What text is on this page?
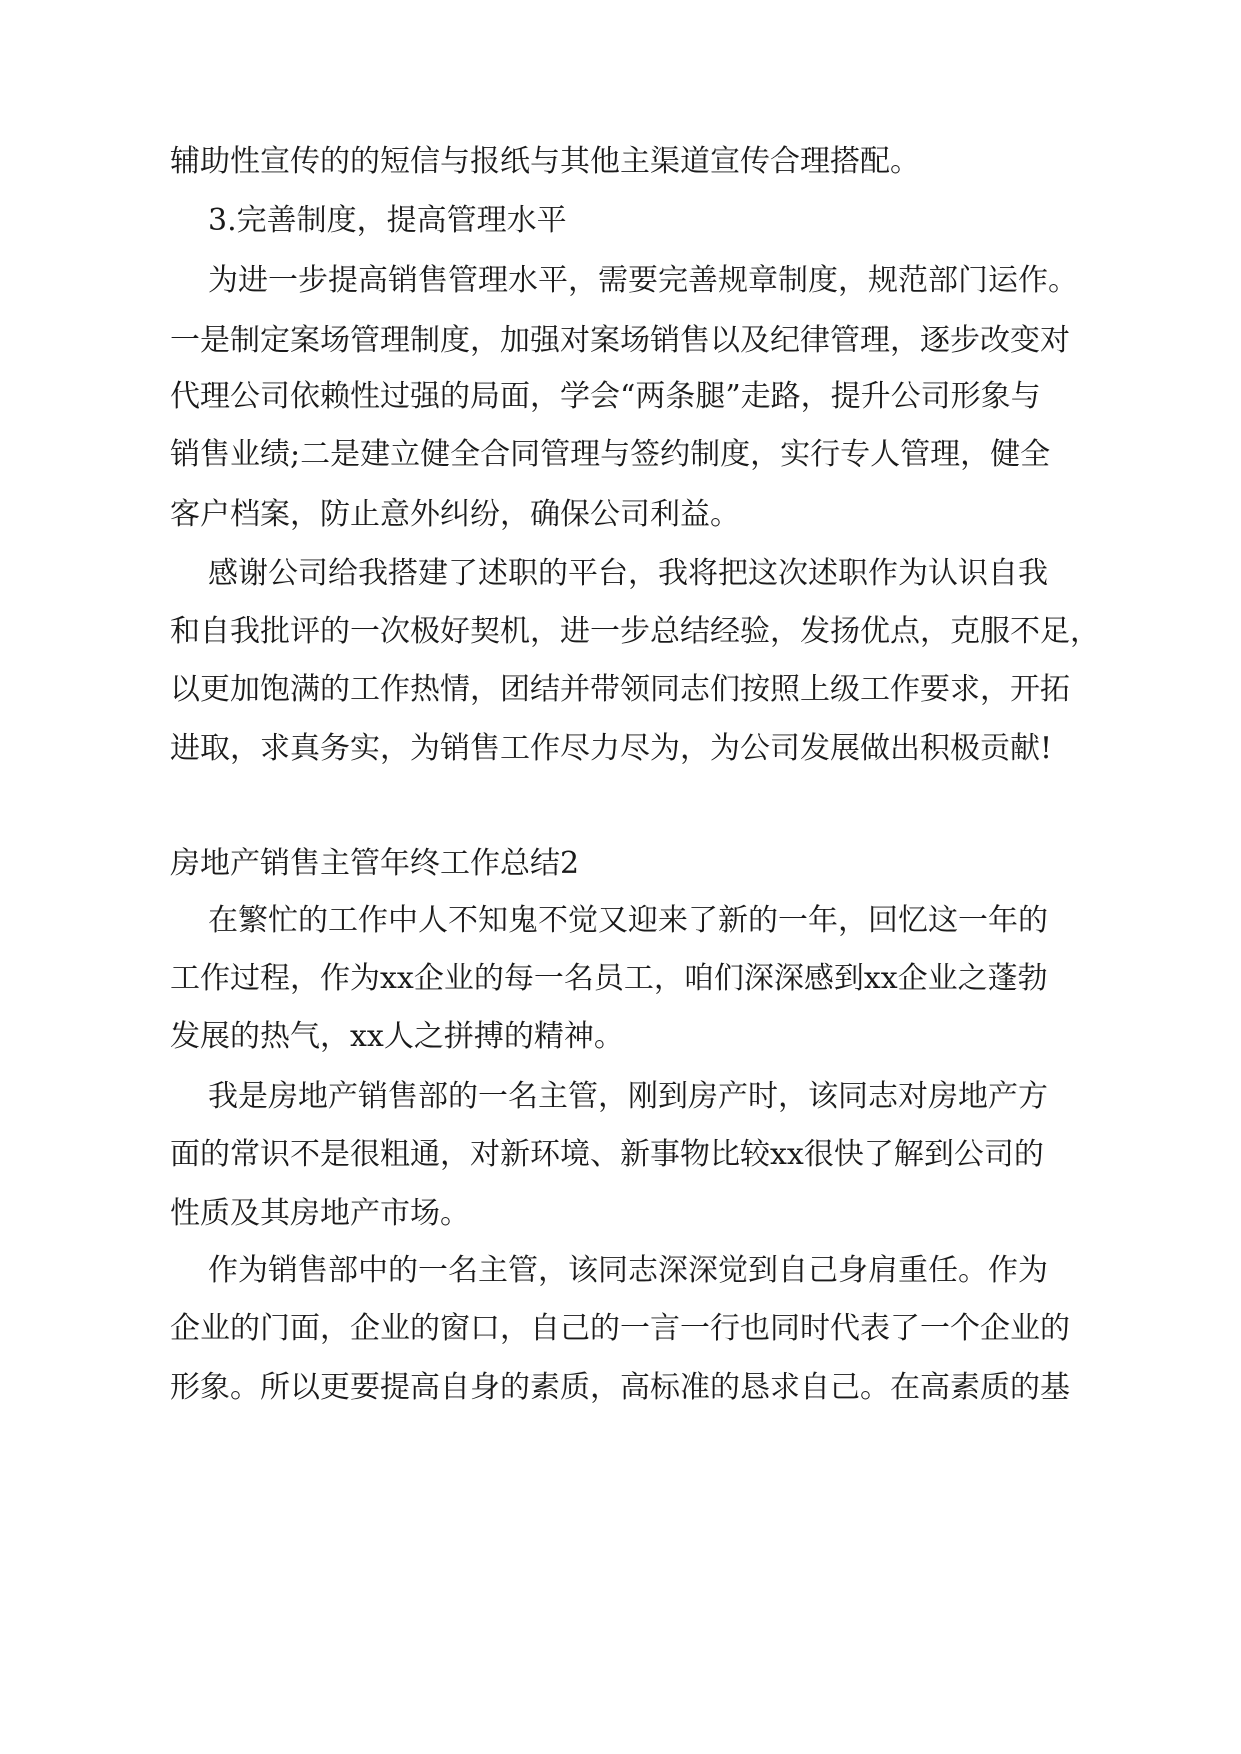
辅助性宣传的的短信与报纸与其他主渠道宣传合理搭配。
3.完善制度，提高管理水平
为进一步提高销售管理水平，需要完善规章制度，规范部门运作。
一是制定案场管理制度，加强对案场销售以及纪律管理，逐步改变对
代理公司依赖性过强的局面，学会“两条腿”走路，提升公司形象与
销售业绩;二是建立健全合同管理与签约制度，实行专人管理，健全
客户档案，防止意外纠纷，确保公司利益。
感谢公司给我搭建了述职的平台，我将把这次述职作为认识自我
和自我批评的一次极好契机，进一步总结经验，发扬优点，克服不足，
以更加饱满的工作热情，团结并带领同志们按照上级工作要求，开拓
进取，求真务实，为销售工作尽力尽为，为公司发展做出积极贡献!
房地产销售主管年终工作总结2
在繁忙的工作中人不知鬼不觉又迎来了新的一年，回忆这一年的
工作过程，作为xx企业的每一名员工，咱们深深感到xx企业之蓬勃
发展的热气，xx人之拼搏的精神。
我是房地产销售部的一名主管，刚到房产时，该同志对房地产方
面的常识不是很粗通，对新环境、新事物比较xx很快了解到公司的
性质及其房地产市场。
作为销售部中的一名主管，该同志深深觉到自己身肩重任。作为
企业的门面，企业的窗口，自己的一言一行也同时代表了一个企业的
形象。所以更要提高自身的素质，高标准的恳求自己。在高素质的基
